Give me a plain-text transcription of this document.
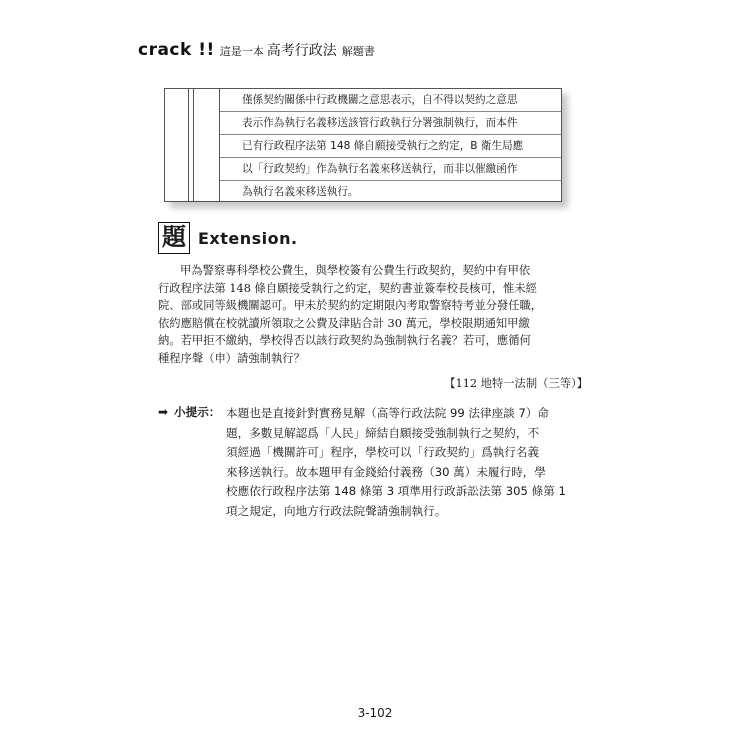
crack !! 這是一本 高考行政法 解題書
僅係契約關係中行政機關之意思表示，自不得以契約之意思
表示作為執行名義移送該管行政執行分署強制執行，而本件
已有行政程序法第 148 條自願接受執行之約定，B 衛生局應
以「行政契約」作為執行名義來移送執行，而非以催繳函作
為執行名義來移送執行。
題 Extension.

甲為警察專科學校公費生，與學校簽有公費生行政契約，契約中有甲依

行政程序法第 148 條自願接受執行之約定，契約書並簽奉校長核可，惟未經

院、部或同等級機關認可。甲未於契約約定期限內考取警察特考並分發任職，

依約應賠償在校就讀所領取之公費及津貼合計 30 萬元，學校限期通知甲繳

納。若甲拒不繳納，學校得否以該行政契約為強制執行名義？若可，應循何

種程序聲（申）請強制執行？

【112 地特一法制（三等）】
➡ 小提示： 本題也是直接針對實務見解（高等行政法院 99 法律座談 7）命

題，多數見解認爲「人民」締結自願接受強制執行之契約，不

須經過「機關許可」程序，學校可以「行政契約」爲執行名義

來移送執行。故本題甲有金錢給付義務（30 萬）未履行時，學

校應依行政程序法第 148 條第 3 項準用行政訴訟法第 305 條第 1

項之規定，向地方行政法院聲請強制執行。

3-102
